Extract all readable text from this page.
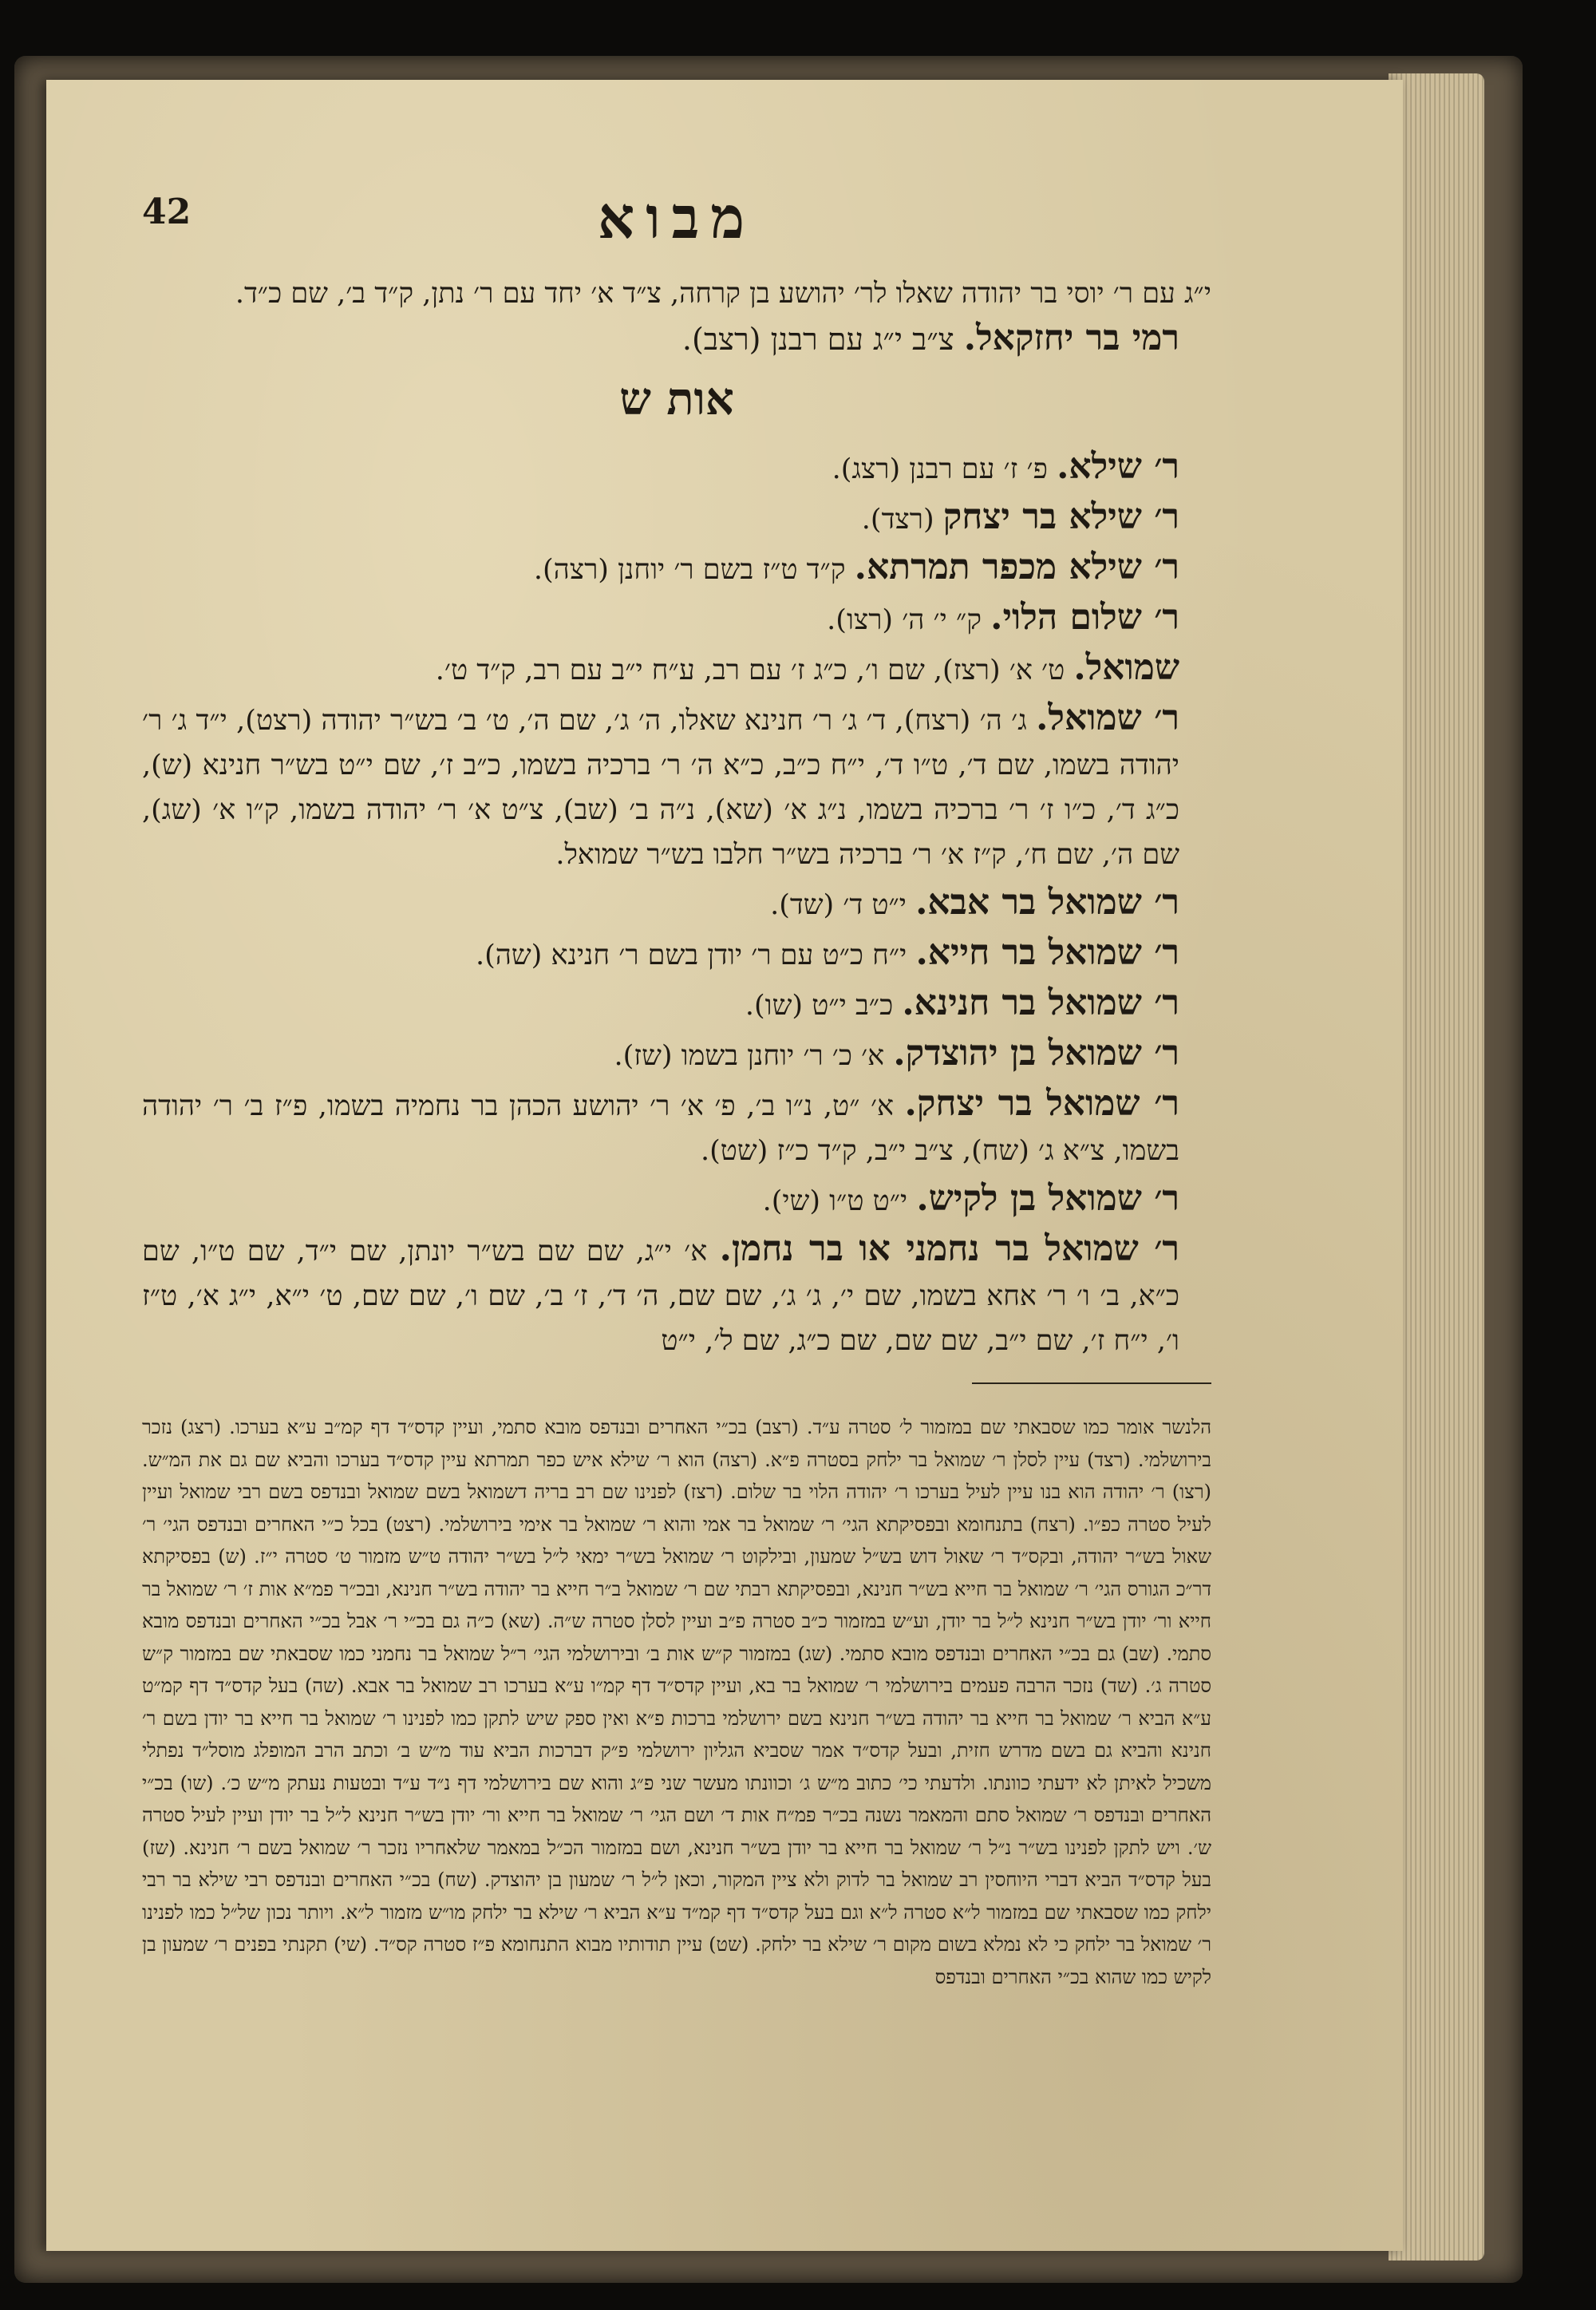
42	מבוא

י״ג עם ר׳ יוסי בר יהודה שאלו לר׳ יהושע בן קרחה, צ״ד א׳ יחד עם ר׳ נתן, ק״ד ב׳, שם כ״ד.

רמי בר יחזקאל. צ״ב י״ג עם רבנן (רצב).

אות ש

ר׳ שילא. פ׳ ז׳ עם רבנן (רצג).

ר׳ שילא בר יצחק (רצד).

ר׳ שילא מכפר תמרתא. ק״ד ט״ז בשם ר׳ יוחנן (רצה).

ר׳ שלום הלוי. ק״ י׳ ה׳ (רצו).

שמואל. ט׳ א׳ (רצז), שם ו׳, כ״ג ז׳ עם רב, ע״ח י״ב עם רב, ק״ד ט׳.

ר׳ שמואל. ג׳ ה׳ (רצח), ד׳ ג׳ ר׳ חנינא שאלו, ה׳ ג׳, שם ה׳, ט׳ ב׳ בש״ר יהודה (רצט), י״ד ג׳ ר׳ יהודה בשמו, שם ד׳, ט״ו ד׳, י״ח כ״ב, כ״א ה׳ ר׳ ברכיה בשמו, כ״ב ז׳, שם י״ט בש״ר חנינא (ש), כ״ג ד׳, כ״ו ז׳ ר׳ ברכיה בשמו, נ״ג א׳ (שא), נ״ה ב׳ (שב), צ״ט א׳ ר׳ יהודה בשמו, ק״ו א׳ (שג), שם ה׳, שם ח׳, ק״ז א׳ ר׳ ברכיה בש״ר חלבו בש״ר שמואל.

ר׳ שמואל בר אבא. י״ט ד׳ (שד).

ר׳ שמואל בר חייא. י״ח כ״ט עם ר׳ יודן בשם ר׳ חנינא (שה).

ר׳ שמואל בר חנינא. כ״ב י״ט (שו).

ר׳ שמואל בן יהוצדק. א׳ כ׳ ר׳ יוחנן בשמו (שז).

ר׳ שמואל בר יצחק. א׳ ״ט, נ״ו ב׳, פ׳ א׳ ר׳ יהושע הכהן בר נחמיה בשמו, פ״ז ב׳ ר׳ יהודה בשמו, צ״א ג׳ (שח), צ״ב י״ב, ק״ד כ״ז (שט).

ר׳ שמואל בן לקיש. י״ט ט״ו (שי).

ר׳ שמואל בר נחמני או בר נחמן. א׳ י״ג, שם שם בש״ר יונתן, שם י״ד, שם ט״ו, שם כ״א, ב׳ ו׳ ר׳ אחא בשמו, שם י׳, ג׳ ג׳, שם שם, ה׳ ד׳, ז׳ ב׳, שם ו׳, שם שם, ט׳ י״א, י״ג א׳, ט״ז ו׳, י״ח ז׳, שם י״ב, שם שם, שם כ״ג, שם ל׳, י״ט

הלנשר אומר כמו שסבאתי שם במזמור ל׳ סטרה ע״ד. (רצב) בכ״י האחרים ובנדפס מובא סתמי, ועיין קדס״ד דף קמ״ב ע״א בערכו. (רצג) נזכר בירושלמי. (רצד) עיין לסלן ר׳ שמואל בר ילחק בסטרה פ״א. (רצה) הוא ר׳ שילא איש כפר תמרתא עיין קדס״ד בערכו והביא שם גם את המ״ש. (רצו) ר׳ יהודה הוא בנו עיין לעיל בערכו ר׳ יהודה הלוי בר שלום. (רצז) לפנינו שם רב בריה דשמואל בשם שמואל ובנדפס בשם רבי שמואל ועיין לעיל סטרה כפ״ו. (רצח) בתנחומא ובפסיקתא הגי׳ ר׳ שמואל בר אמי והוא ר׳ שמואל בר אימי בירושלמי. (רצט) בכל כ״י האחרים ובנדפס הגי׳ ר׳ שאול בש״ר יהודה, ובקס״ד ר׳ שאול דוש בש״ל שמעון, ובילקוט ר׳ שמואל בש״ר ימאי ל״ל בש״ר יהודה ט״ש מזמור ט׳ סטרה י״ז. (ש) בפסיקתא דר״כ הגורס הגי׳ ר׳ שמואל בר חייא בש״ר חנינא, ובפסיקתא רבתי שם ר׳ שמואל ב״ר חייא בר יהודה בש״ר חנינא, ובכ״ר פמ״א אות ז׳ ר׳ שמואל בר חייא ור׳ יודן בש״ר חנינא ל״ל בר יודן, וע״ש במזמור כ״ב סטרה פ״ב ועיין לסלן סטרה ש״ה. (שא) כ״ה גם בכ״י ר׳ אבל בכ״י האחרים ובנדפס מובא סתמי. (שב) גם בכ״י האחרים ובנדפס מובא סתמי. (שג) במזמור ק״ש אות ב׳ ובירושלמי הגי׳ ר״ל שמואל בר נחמני כמו שסבאתי שם במזמור ק״ש סטרה ג׳. (שד) נזכר הרבה פעמים בירושלמי ר׳ שמואל בר בא, ועיין קדס״ד דף קמ״ו ע״א בערכו רב שמואל בר אבא. (שה) בעל קדס״ד דף קמ״ט ע״א הביא ר׳ שמואל בר חייא בר יהודה בש״ר חנינא בשם ירושלמי ברכות פ״א ואין ספק שיש לתקן כמו לפנינו ר׳ שמואל בר חייא בר יודן בשם ר׳ חנינא והביא גם בשם מדרש חזית, ובעל קדס״ד אמר שסביא הגליון ירושלמי פ״ק דברכות הביא עוד מ״ש ב׳ וכתב הרב המופלג מוסל״ד נפתלי משכיל לאיתן לא ידעתי כוונתו. ולדעתי כי׳ כתוב מ״ש ג׳ וכוונתו מעשר שני פ״ג והוא שם בירושלמי דף נ״ד ע״ד ובטעות נעתק מ״ש כ׳. (שו) בכ״י האחרים ובנדפס ר׳ שמואל סתם והמאמר נשנה בכ״ר פמ״ח אות ד׳ ושם הגי׳ ר׳ שמואל בר חייא ור׳ יודן בש״ר חנינא ל״ל בר יודן ועיין לעיל סטרה ש׳. ויש לתקן לפנינו בש״ר נ״ל ר׳ שמואל בר חייא בר יודן בש״ר חנינא, ושם במזמור הכ״ל במאמר שלאחריו נזכר ר׳ שמואל בשם ר׳ חנינא. (שז) בעל קדס״ד הביא דברי היוחסין רב שמואל בר לדוק ולא ציין המקור, וכאן ל״ל ר׳ שמעון בן יהוצדק. (שח) בכ״י האחרים ובנדפס רבי שילא בר רבי ילחק כמו שסבאתי שם במזמור ל״א סטרה ל״א וגם בעל קדס״ד דף קמ״ד ע״א הביא ר׳ שילא בר ילחק מו״ש מזמור ל״א. ויותר נכון של״ל כמו לפנינו ר׳ שמואל בר ילחק כי לא נמלא בשום מקום ר׳ שילא בר ילחק. (שט) עיין תודותיו מבוא התנחומא פ״ז סטרה קס״ד. (שי) תקנתי בפנים ר׳ שמעון בן לקיש כמו שהוא בכ״י האחרים ובנדפס
